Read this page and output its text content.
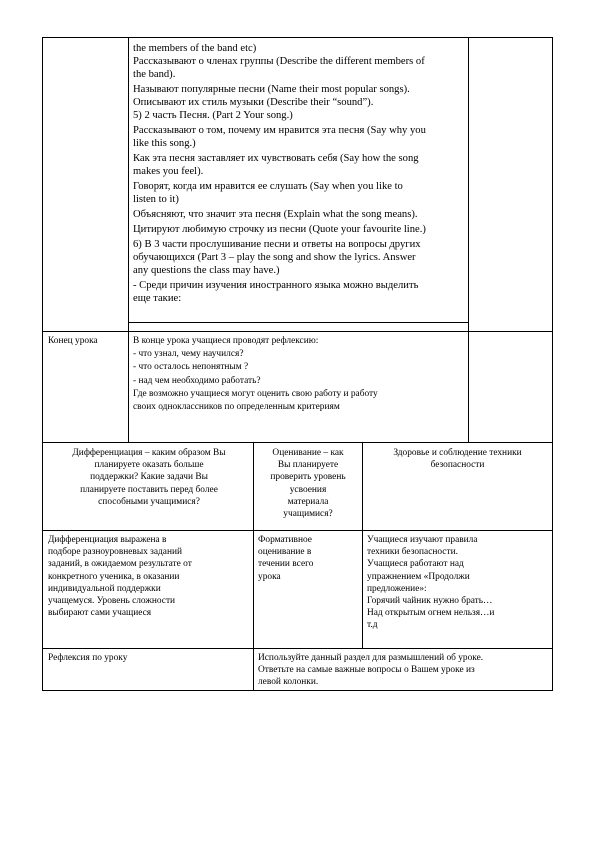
the members of the band etc)

Рассказывают о членах группы (Describe the different members of

the band).

Называют популярные песни (Name their most popular songs).

Описывают их стиль музыки (Describe their “sound”).

5) 2 часть Песня. (Part 2 Your song.)

Рассказывают о том, почему им нравится эта песня (Say why you

like this song.)

Как эта песня заставляет их чувствовать себя (Say how the song

makes you feel).

Говорят, когда им нравится ее слушать (Say when you like to

listen to it)

Объясняют, что значит эта песня (Explain what the song means).

Цитируют любимую строчку из песни (Quote your favourite line.)

6) В 3 части прослушивание песни и ответы на вопросы других

обучающихся (Part 3 – play the song and show the lyrics. Answer

any questions the class may have.)

- Среди причин изучения иностранного языка можно выделить

еще такие:

Конец урока	В конце урока учащиеся проводят рефлексию:

- что узнал, чему научился?

- что осталось непонятным ?

- над чем необходимо работать?

Где возможно учащиеся могут оценить свою работу и работу

своих одноклассников по определенным критериям

Дифференциация – каким образом Вы

планируете оказать больше

поддержки? Какие задачи Вы

планируете поставить перед более

способными учащимися?

Оценивание – как

Вы планируете

проверить уровень

усвоения

материала

учащимися?

Здоровье и соблюдение техники

безопасности

Дифференциация выражена в

подборе разноуровневых заданий

заданий, в ожидаемом результате от

конкретного ученика, в оказании

индивидуальной поддержки

учащемуся. Уровень сложности

выбирают сами учащиеся

Формативное

оценивание в

течении всего

урока

Учащиеся изучают правила

техники безопасности.

Учащиеся работают над

упражнением «Продолжи

предложение»:

Горячий чайник нужно брать…

Над открытым огнем нельзя…и

т.д

Рефлексия по уроку	Используйте данный раздел для размышлений об уроке.

Ответьте на самые важные вопросы о Вашем уроке из

левой колонки.
